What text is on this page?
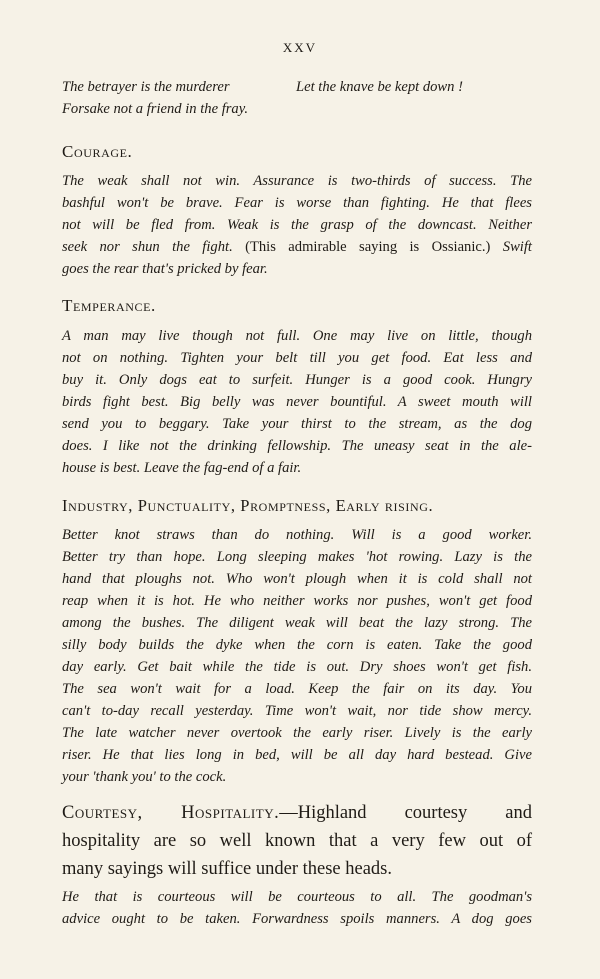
XXV
The betrayer is the murderer	Let the knave be kept down !
Forsake not a friend in the fray.
Courage.
The weak shall not win. Assurance is two-thirds of success. The
bashful won't be brave. Fear is worse than fighting. He that flees
not will be fled from. Weak is the grasp of the downcast. Neither
seek nor shun the fight. (This admirable saying is Ossianic.) Swift
goes the rear that's pricked by fear.
Temperance.
A man may live though not full. One may live on little, though
not on nothing. Tighten your belt till you get food. Eat less and
buy it. Only dogs eat to surfeit. Hunger is a good cook. Hungry
birds fight best. Big belly was never bountiful. A sweet mouth will
send you to beggary. Take your thirst to the stream, as the dog
does. I like not the drinking fellowship. The uneasy seat in the ale-
house is best. Leave the fag-end of a fair.
Industry, Punctuality, Promptness, Early rising.
Better knot straws than do nothing. Will is a good worker.
Better try than hope. Long sleeping makes 'hot rowing. Lazy is the
hand that ploughs not. Who won't plough when it is cold shall not
reap when it is hot. He who neither works nor pushes, won't get food
among the bushes. The diligent weak will beat the lazy strong. The
silly body builds the dyke when the corn is eaten. Take the good
day early. Get bait while the tide is out. Dry shoes won't get fish.
The sea won't wait for a load. Keep the fair on its day. You
can't to-day recall yesterday. Time won't wait, nor tide show mercy.
The late watcher never overtook the early riser. Lively is the early
riser. He that lies long in bed, will be all day hard bestead. Give
your 'thank you' to the cock.
Courtesy, Hospitality.—Highland courtesy and
hospitality are so well known that a very few out of
many sayings will suffice under these heads.
He that is courteous will be courteous to all. The goodman's
advice ought to be taken. Forwardness spoils manners. A dog goes
